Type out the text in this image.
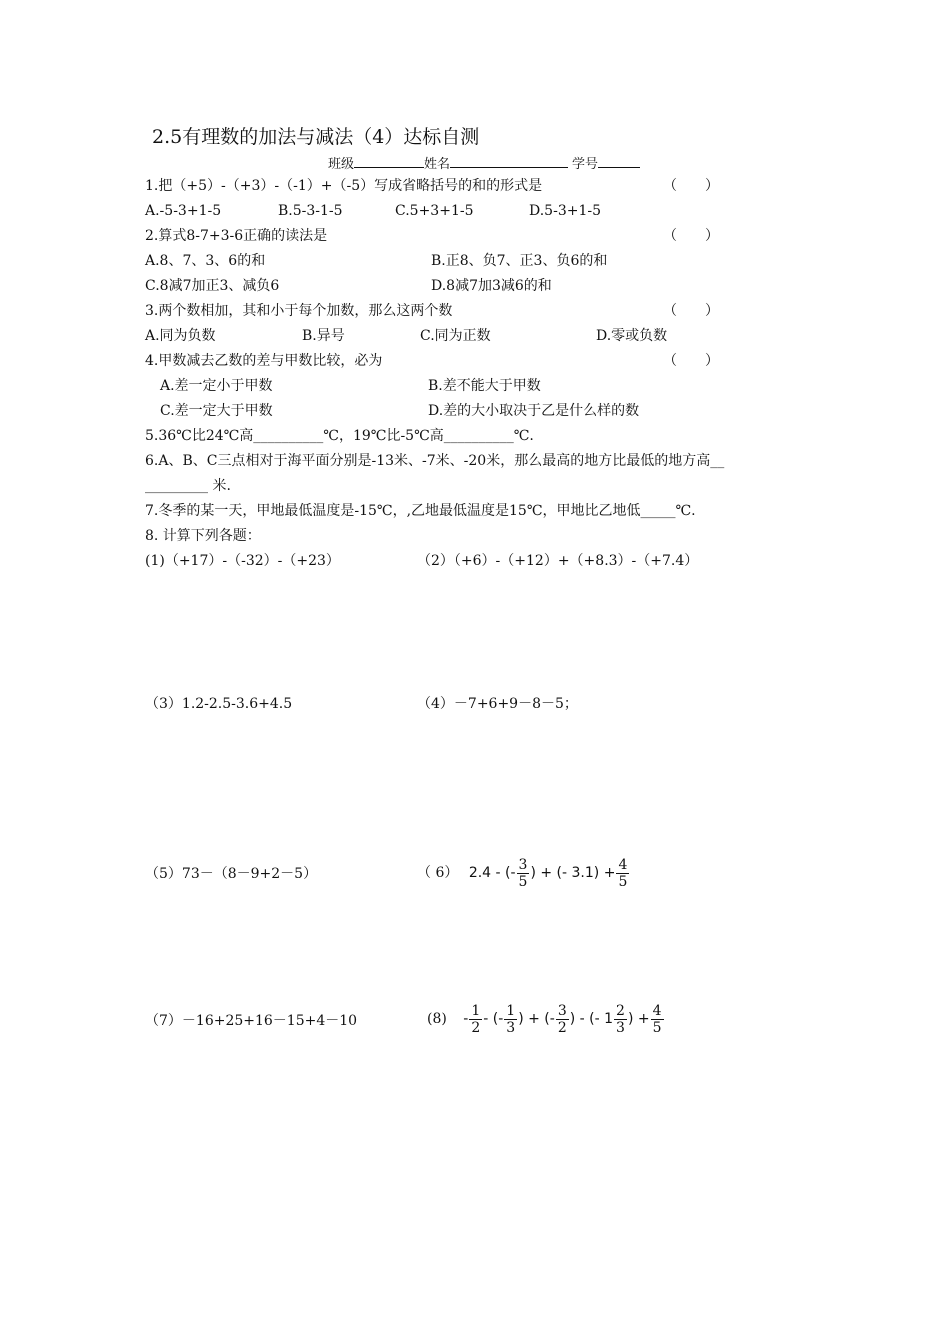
2.5有理数的加法与减法（4）达标自测
班级	姓名	学号
1.把（+5）-（+3）-（-1）+（-5）写成省略括号的和的形式是	（　　）
A.-5-3+1-5	B.5-3-1-5	C.5+3+1-5	D.5-3+1-5
2.算式8-7+3-6正确的读法是	（　　）
A.8、7、3、6的和	B.正8、负7、正3、负6的和
C.8减7加正3、减负6	D.8减7加3减6的和
3.两个数相加，其和小于每个加数，那么这两个数	（　　）
A.同为负数	B.异号	C.同为正数	D.零或负数
4.甲数减去乙数的差与甲数比较，必为	（　　）
A.差一定小于甲数	B.差不能大于甲数
C.差一定大于甲数	D.差的大小取决于乙是什么样的数
5.36℃比24℃高__________℃，19℃比-5℃高__________℃.
6.A、B、C三点相对于海平面分别是-13米、-7米、-20米，那么最高的地方比最低的地方高__
_________ 米.
7.冬季的某一天，甲地最低温度是-15℃，,乙地最低温度是15℃，甲地比乙地低_____℃.
8. 计算下列各题：
(1)（+17）-（-32）-（+23）	（2）（+6）-（+12）+（+8.3）-（+7.4）
（3）1.2-2.5-3.6+4.5	（4）－7+6+9－8－5；
（5）73－（8－9+2－5）	（ 6） 2.4 - (- $\frac{3}{5}$ ) + (- $3.1) + \frac{4}{5}$
（7）－16+25+16－15+4－10	$(8) - \frac{1}{2}$ - (- $\frac{1}{3}$ ) + (- $\frac{3}{2}$ ) - (- $1 \frac{2}{3}$ ) + $\frac{4}{5}$
